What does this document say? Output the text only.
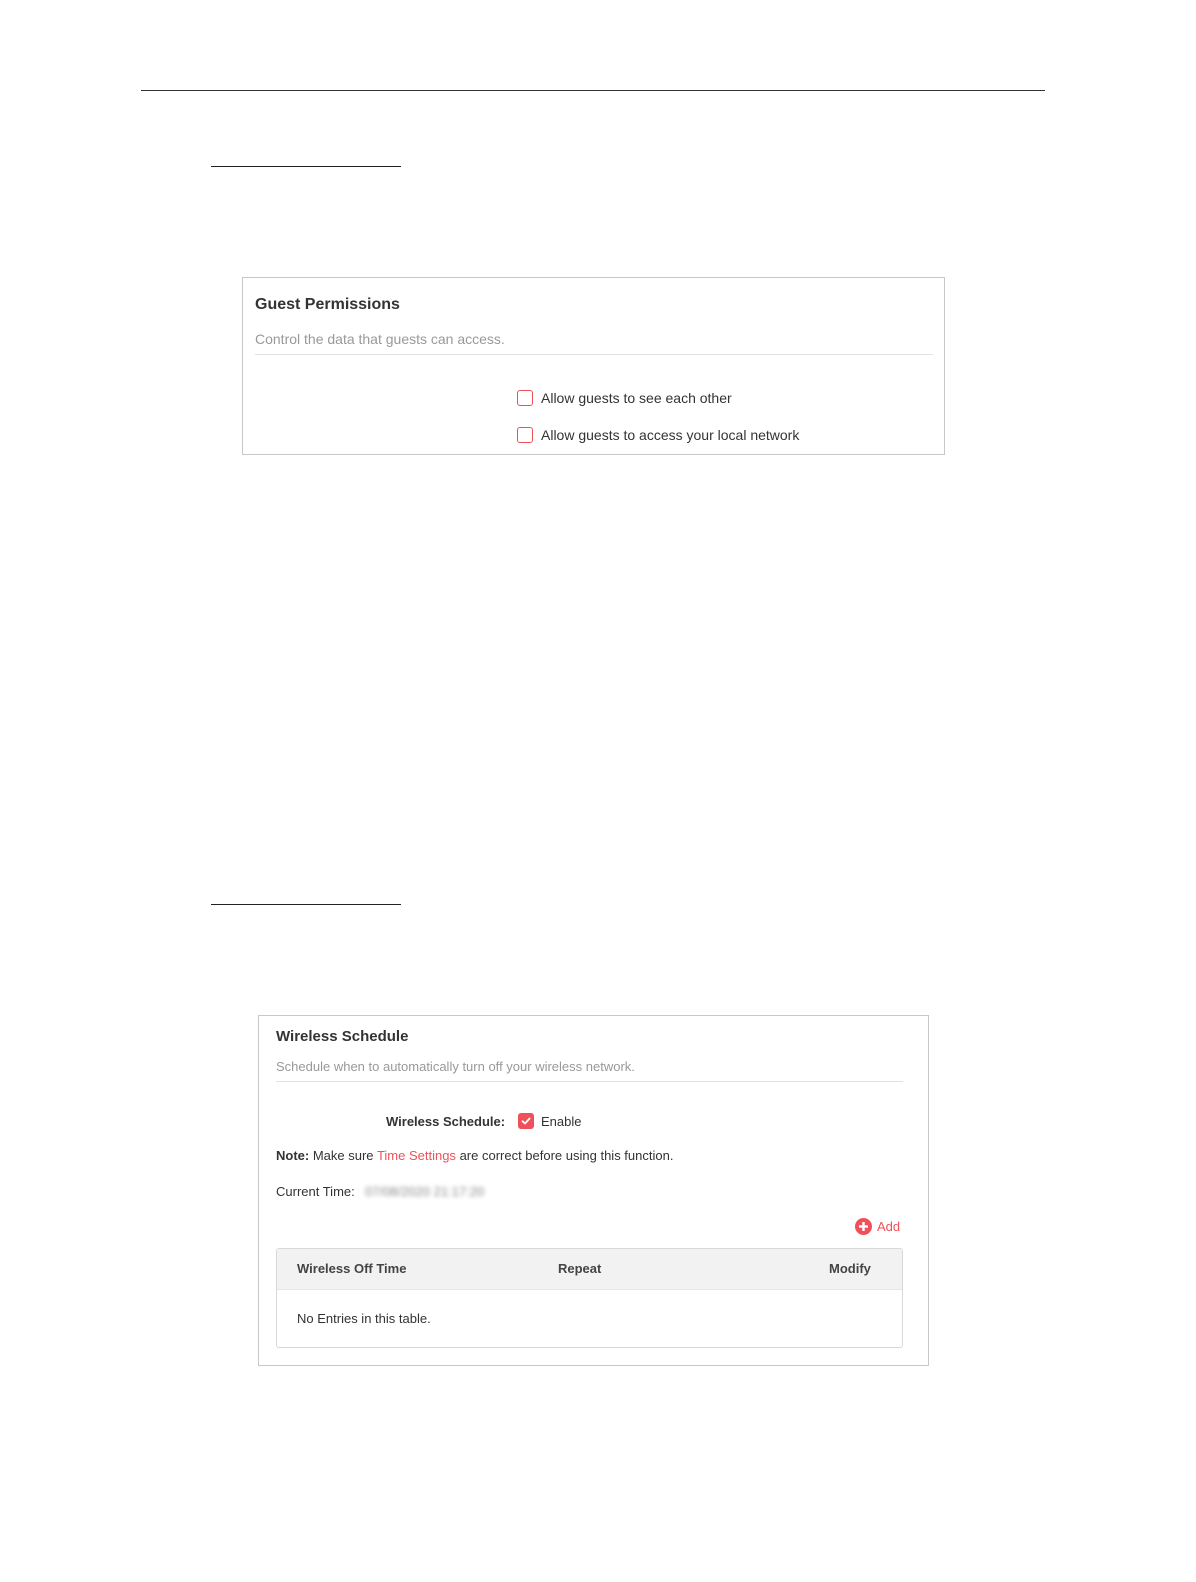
Guest Permissions
Control the data that guests can access.
Allow guests to see each other
Allow guests to access your local network
Wireless Schedule
Schedule when to automatically turn off your wireless network.
Wireless Schedule:	Enable
Note: Make sure Time Settings are correct before using this function.
Current Time: 07/08/2020 21:17:20
Add
Wireless Off Time	Repeat	Modify
No Entries in this table.
